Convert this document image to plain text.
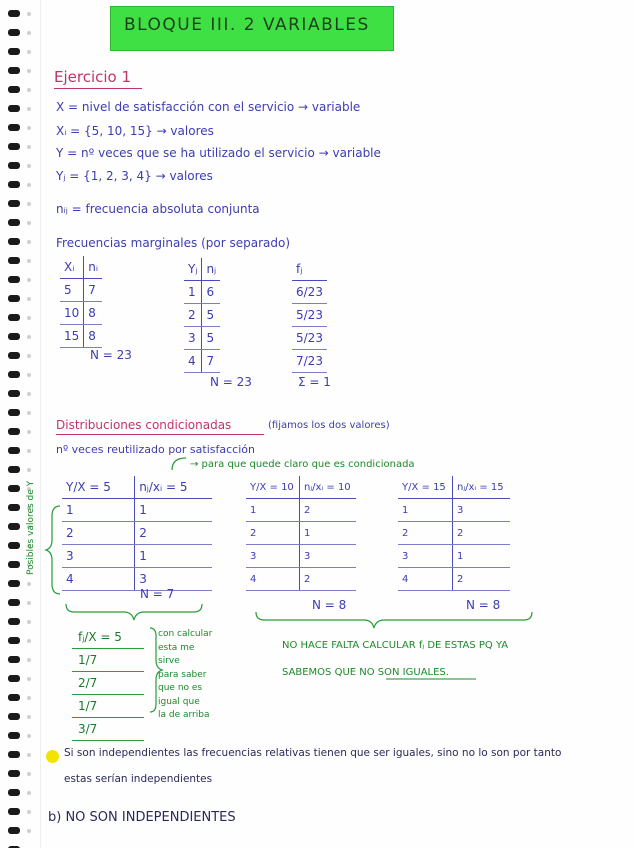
BLOQUE III. 2 VARIABLES
Ejercicio 1
X = nivel de satisfacción con el servicio → variable
Xᵢ = {5, 10, 15} → valores
Y = nº veces que se ha utilizado el servicio → variable
Yⱼ = {1, 2, 3, 4} → valores
nᵢⱼ = frecuencia absoluta conjunta
Frecuencias marginales (por separado)
Xᵢ	nᵢ
5	7
10	8
15	8
N = 23
Yⱼ	nⱼ
1	6
2	5
3	5
4	7
N = 23
fⱼ
6/23
5/23
5/23
7/23
Σ = 1
Distribuciones condicionadas	(fijamos los dos valores)
nº veces reutilizado por satisfacción
→ para que quede claro que es condicionada
Posibles valores de Y	Y/X = 5	nⱼ/xᵢ = 5
1	1
2	2
3	1
4	3
N = 7
Y/X = 10	nⱼ/xᵢ = 10
1	2
2	1
3	3
4	2
N = 8
Y/X = 15	nⱼ/xᵢ = 15
1	3
2	2
3	1
4	2
N = 8
fⱼ/X = 5
1/7
2/7
1/7
3/7
con calcular
esta me
sirve
para saber
que no es
igual que
la de arriba
NO HACE FALTA CALCULAR fⱼ DE ESTAS PQ YA
SABEMOS QUE NO SON IGUALES.
Si son independientes las frecuencias relativas tienen que ser iguales, sino no lo son por tanto
estas serían independientes
b) NO SON INDEPENDIENTES
